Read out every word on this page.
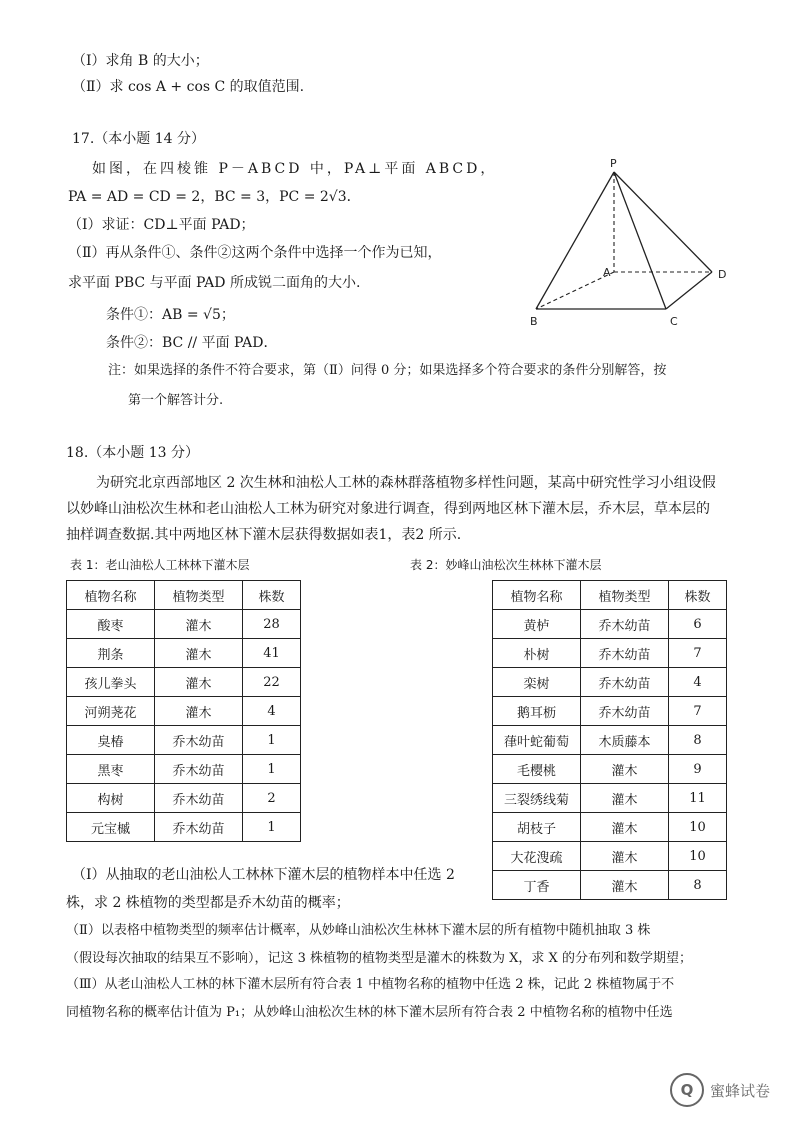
（Ⅰ）求角 B 的大小；
（Ⅱ）求 cos A + cos C 的取值范围.
17.（本小题 14 分）
如图，在四棱锥 P－ABCD 中，PA⊥平面 ABCD，
PA = AD = CD = 2，BC = 3，PC = 2√3．
（Ⅰ）求证：CD⊥平面 PAD；
（Ⅱ）再从条件①、条件②这两个条件中选择一个作为已知，
求平面 PBC 与平面 PAD 所成锐二面角的大小.
条件①：AB = √5；
条件②：BC // 平面 PAD．
注：如果选择的条件不符合要求，第（Ⅱ）问得 0 分；如果选择多个符合要求的条件分别解答，按
第一个解答计分.
P
A
B	C
D
18.（本小题 13 分）
为研究北京西部地区 2 次生林和油松人工林的森林群落植物多样性问题，某高中研究性学习小组设假
以妙峰山油松次生林和老山油松人工林为研究对象进行调查，得到两地区林下灌木层，乔木层，草本层的
抽样调查数据.其中两地区林下灌木层获得数据如表1，表2 所示.
表 1：老山油松人工林林下灌木层	表 2：妙峰山油松次生林林下灌木层
植物名称	植物类型	株数
酸枣	灌木	28
荆条	灌木	41
孩儿拳头	灌木	22
河朔荛花	灌木	4
臭椿	乔木幼苗	1
黑枣	乔木幼苗	1
构树	乔木幼苗	2
元宝槭	乔木幼苗	1
植物名称	植物类型	株数
黄栌	乔木幼苗	6
朴树	乔木幼苗	7
栾树	乔木幼苗	4
鹅耳枥	乔木幼苗	7
葎叶蛇葡萄	木质藤本	8
毛樱桃	灌木	9
三裂绣线菊	灌木	11
胡枝子	灌木	10
大花溲疏	灌木	10
丁香	灌木	8
（Ⅰ）从抽取的老山油松人工林林下灌木层的植物样本中任选 2
株，求 2 株植物的类型都是乔木幼苗的概率；
（Ⅱ）以表格中植物类型的频率估计概率，从妙峰山油松次生林林下灌木层的所有植物中随机抽取 3 株
（假设每次抽取的结果互不影响），记这 3 株植物的植物类型是灌木的株数为 X，求 X 的分布列和数学期望；
（Ⅲ）从老山油松人工林的林下灌木层所有符合表 1 中植物名称的植物中任选 2 株，记此 2 株植物属于不
同植物名称的概率估计值为 P₁；从妙峰山油松次生林的林下灌木层所有符合表 2 中植物名称的植物中任选
Q	蜜蜂试卷
